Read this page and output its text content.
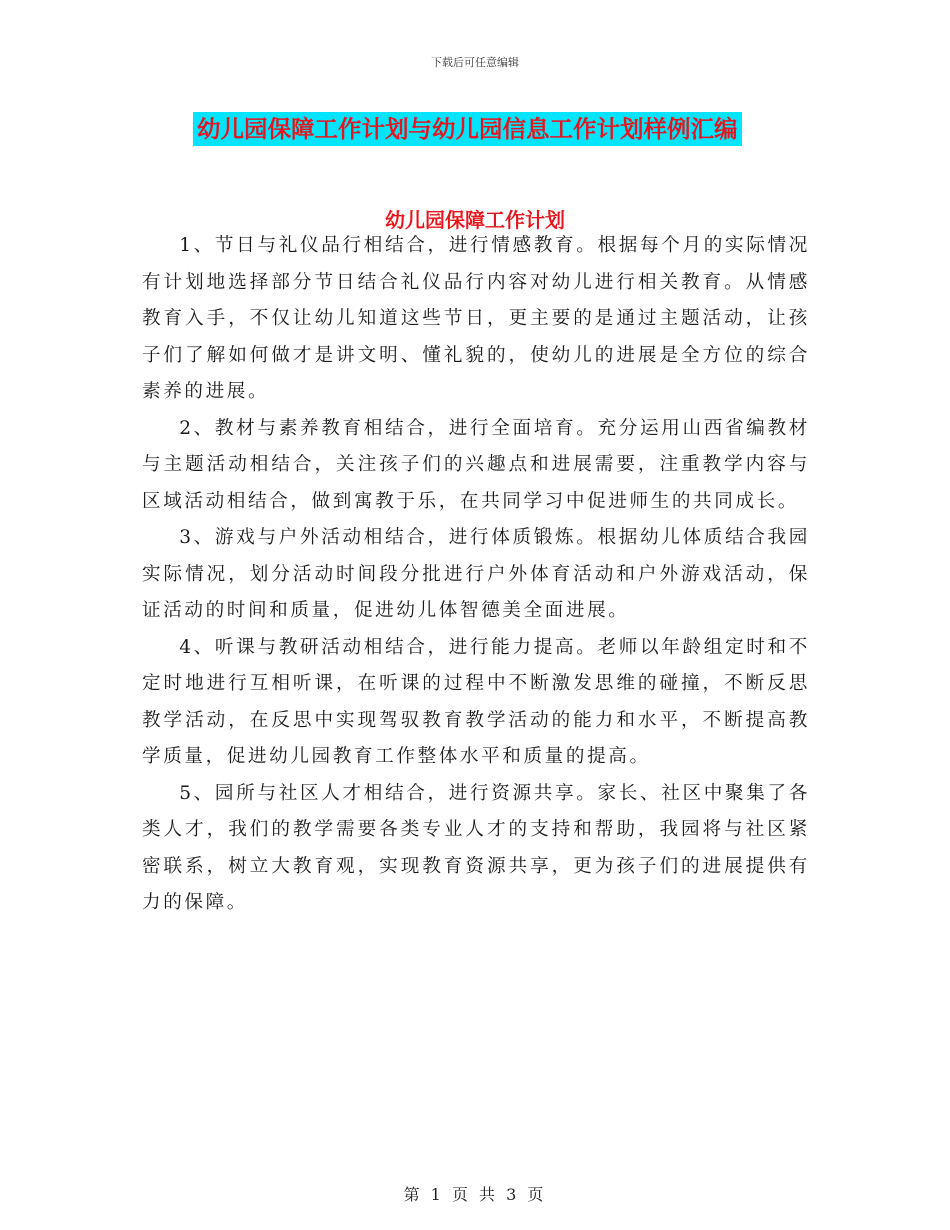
下载后可任意编辑
幼儿园保障工作计划与幼儿园信息工作计划样例汇编
幼儿园保障工作计划

1、节日与礼仪品行相结合，进行情感教育。根据每个月的实际情况有计划地选择部分节日结合礼仪品行内容对幼儿进行相关教育。从情感教育入手，不仅让幼儿知道这些节日，更主要的是通过主题活动，让孩子们了解如何做才是讲文明、懂礼貌的，使幼儿的进展是全方位的综合素养的进展。

2、教材与素养教育相结合，进行全面培育。充分运用山西省编教材与主题活动相结合，关注孩子们的兴趣点和进展需要，注重教学内容与区域活动相结合，做到寓教于乐，在共同学习中促进师生的共同成长。

3、游戏与户外活动相结合，进行体质锻炼。根据幼儿体质结合我园实际情况，划分活动时间段分批进行户外体育活动和户外游戏活动，保证活动的时间和质量，促进幼儿体智德美全面进展。

4、听课与教研活动相结合，进行能力提高。老师以年龄组定时和不定时地进行互相听课，在听课的过程中不断激发思维的碰撞，不断反思教学活动，在反思中实现驾驭教育教学活动的能力和水平，不断提高教学质量，促进幼儿园教育工作整体水平和质量的提高。

5、园所与社区人才相结合，进行资源共享。家长、社区中聚集了各类人才，我们的教学需要各类专业人才的支持和帮助，我园将与社区紧密联系，树立大教育观，实现教育资源共享，更为孩子们的进展提供有力的保障。

第 1 页 共 3 页
